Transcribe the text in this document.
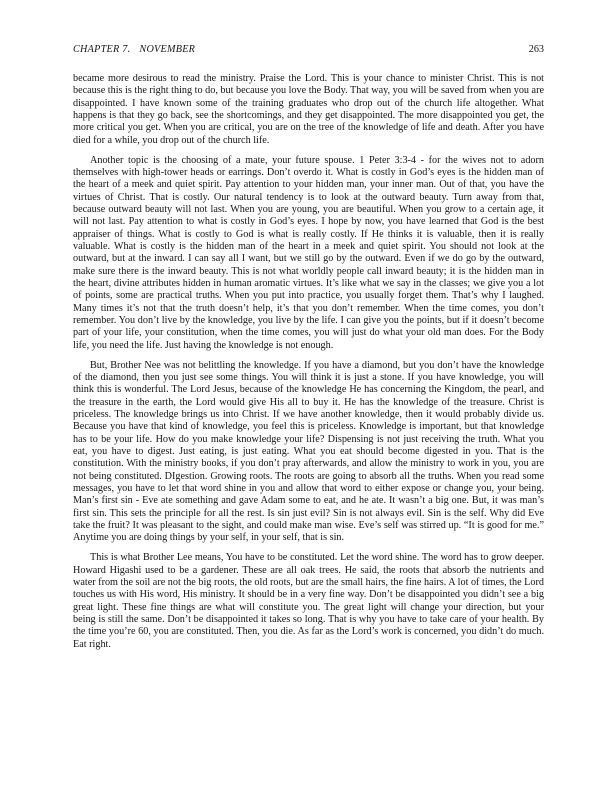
CHAPTER 7. NOVEMBER	263

became more desirous to read the ministry. Praise the Lord. This is your chance to minister Christ. This is not because this is the right thing to do, but because you love the Body. That way, you will be saved from when you are disappointed. I have known some of the training graduates who drop out of the church life altogether. What happens is that they go back, see the shortcomings, and they get disappointed. The more disappointed you get, the more critical you get. When you are critical, you are on the tree of the knowledge of life and death. After you have died for a while, you drop out of the church life.

Another topic is the choosing of a mate, your future spouse. 1 Peter 3:3-4 - for the wives not to adorn themselves with high-tower heads or earrings. Don’t overdo it. What is costly in God’s eyes is the hidden man of the heart of a meek and quiet spirit. Pay attention to your hidden man, your inner man. Out of that, you have the virtues of Christ. That is costly. Our natural tendency is to look at the outward beauty. Turn away from that, because outward beauty will not last. When you are young, you are beautiful. When you grow to a certain age, it will not last. Pay attention to what is costly in God’s eyes. I hope by now, you have learned that God is the best appraiser of things. What is costly to God is what is really costly. If He thinks it is valuable, then it is really valuable. What is costly is the hidden man of the heart in a meek and quiet spirit. You should not look at the outward, but at the inward. I can say all I want, but we still go by the outward. Even if we do go by the outward, make sure there is the inward beauty. This is not what worldly people call inward beauty; it is the hidden man in the heart, divine attributes hidden in human aromatic virtues. It’s like what we say in the classes; we give you a lot of points, some are practical truths. When you put into practice, you usually forget them. That’s why I laughed. Many times it’s not that the truth doesn’t help, it’s that you don’t remember. When the time comes, you don’t remember. You don’t live by the knowledge, you live by the life. I can give you the points, but if it doesn’t become part of your life, your constitution, when the time comes, you will just do what your old man does. For the Body life, you need the life. Just having the knowledge is not enough.

But, Brother Nee was not belittling the knowledge. If you have a diamond, but you don’t have the knowledge of the diamond, then you just see some things. You will think it is just a stone. If you have knowledge, you will think this is wonderful. The Lord Jesus, because of the knowledge He has concerning the Kingdom, the pearl, and the treasure in the earth, the Lord would give His all to buy it. He has the knowledge of the treasure. Christ is priceless. The knowledge brings us into Christ. If we have another knowledge, then it would probably divide us. Because you have that kind of knowledge, you feel this is priceless. Knowledge is important, but that knowledge has to be your life. How do you make knowledge your life? Dispensing is not just receiving the truth. What you eat, you have to digest. Just eating, is just eating. What you eat should become digested in you. That is the constitution. With the ministry books, if you don’t pray afterwards, and allow the ministry to work in you, you are not being constituted. DIgestion. Growing roots. The roots are going to absorb all the truths. When you read some messages, you have to let that word shine in you and allow that word to either expose or change you, your being. Man’s first sin - Eve ate something and gave Adam some to eat, and he ate. It wasn’t a big one. But, it was man’s first sin. This sets the principle for all the rest. Is sin just evil? Sin is not always evil. Sin is the self. Why did Eve take the fruit? It was pleasant to the sight, and could make man wise. Eve’s self was stirred up. “It is good for me.” Anytime you are doing things by your self, in your self, that is sin.

This is what Brother Lee means, You have to be constituted. Let the word shine. The word has to grow deeper. Howard Higashi used to be a gardener. These are all oak trees. He said, the roots that absorb the nutrients and water from the soil are not the big roots, the old roots, but are the small hairs, the fine hairs. A lot of times, the Lord touches us with His word, His ministry. It should be in a very fine way. Don’t be disappointed you didn’t see a big great light. These fine things are what will constitute you. The great light will change your direction, but your being is still the same. Don’t be disappointed it takes so long. That is why you have to take care of your health. By the time you’re 60, you are constituted. Then, you die. As far as the Lord’s work is concerned, you didn’t do much. Eat right.
